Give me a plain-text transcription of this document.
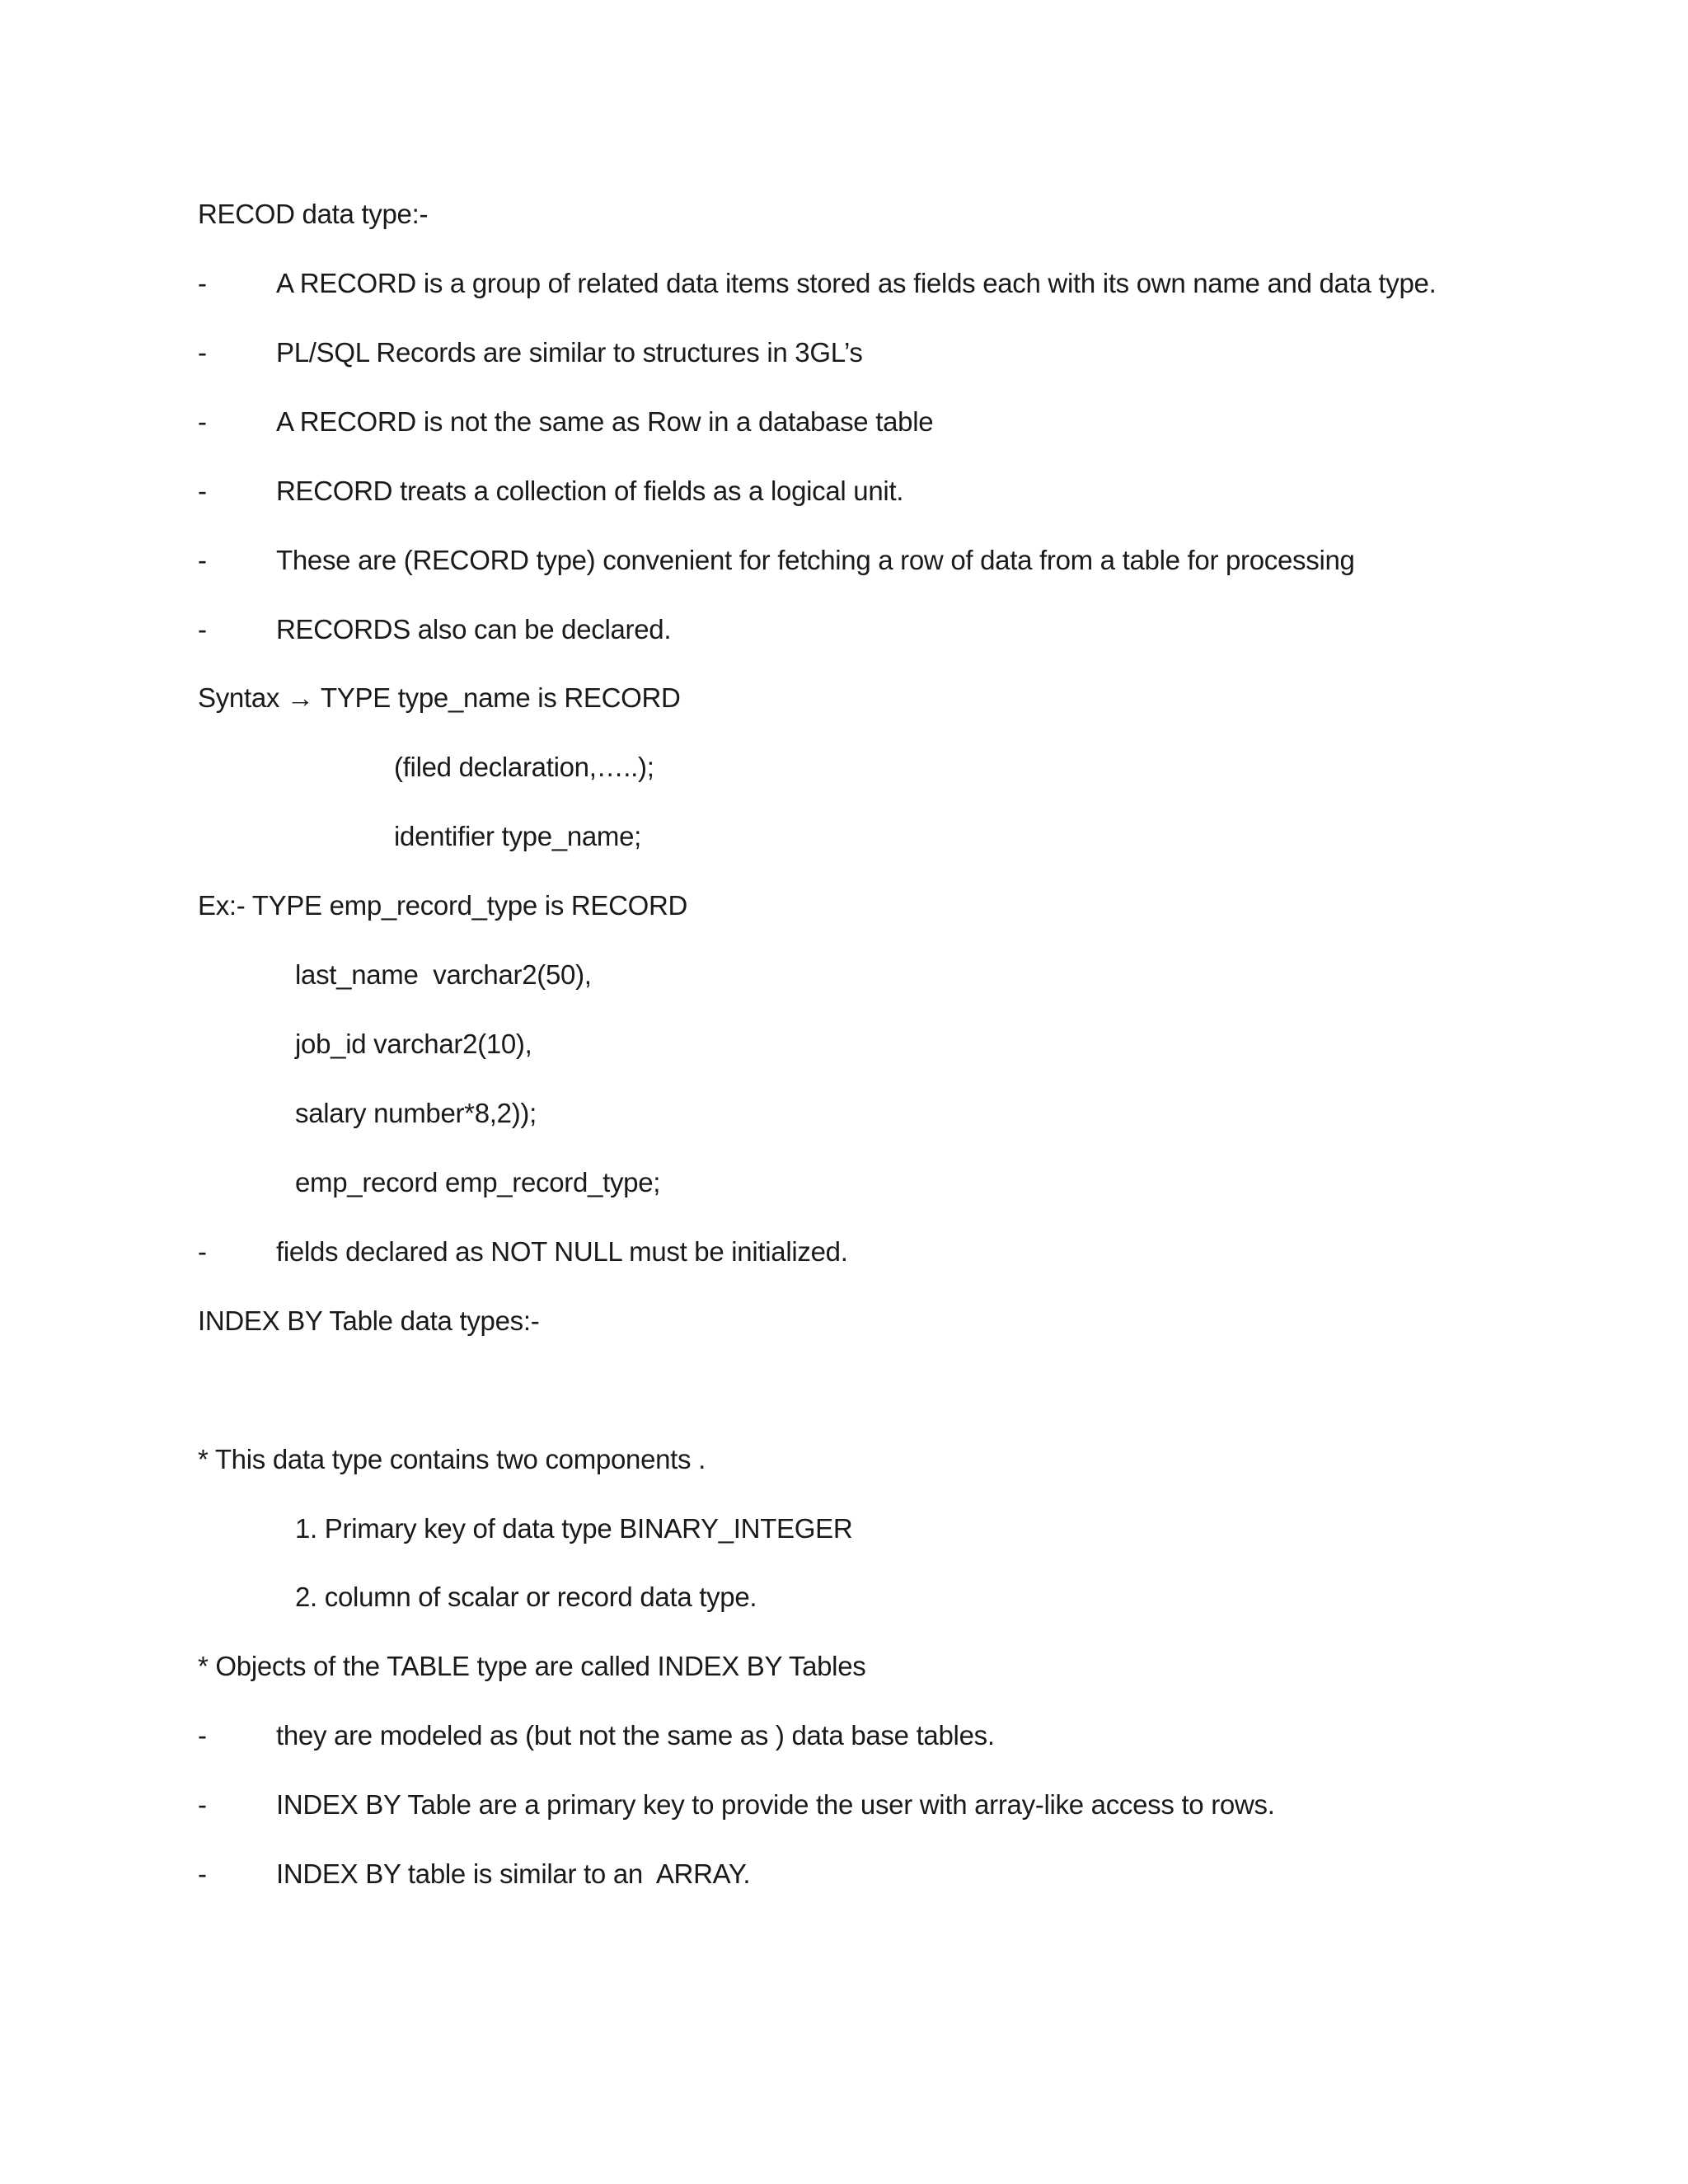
RECOD data type:-

-

	A RECORD is a group of related data items stored as fields each with its own name and data type.

-

	PL/SQL Records are similar to structures in 3GL’s

-

	A RECORD is not the same as Row in a database table

-

	RECORD treats a collection of fields as a logical unit.

-

	These are (RECORD type) convenient for fetching a row of data from a table for processing

-

	RECORDS also can be declared.

Syntax → TYPE type_name is RECORD
(filed declaration,…..);
identifier type_name;
Ex:- TYPE emp_record_type is RECORD
last_name  varchar2(50),
job_id varchar2(10),
salary number*8,2));
emp_record emp_record_type;

-

	fields declared as NOT NULL must be initialized.

INDEX BY Table data types:-
* This data type contains two components .
1. Primary key of data type BINARY_INTEGER
2. column of scalar or record data type.
* Objects of the TABLE type are called INDEX BY Tables

-

	they are modeled as (but not the same as ) data base tables.

-

	INDEX BY Table are a primary key to provide the user with array-like access to rows.

-

	INDEX BY table is similar to an  ARRAY.
